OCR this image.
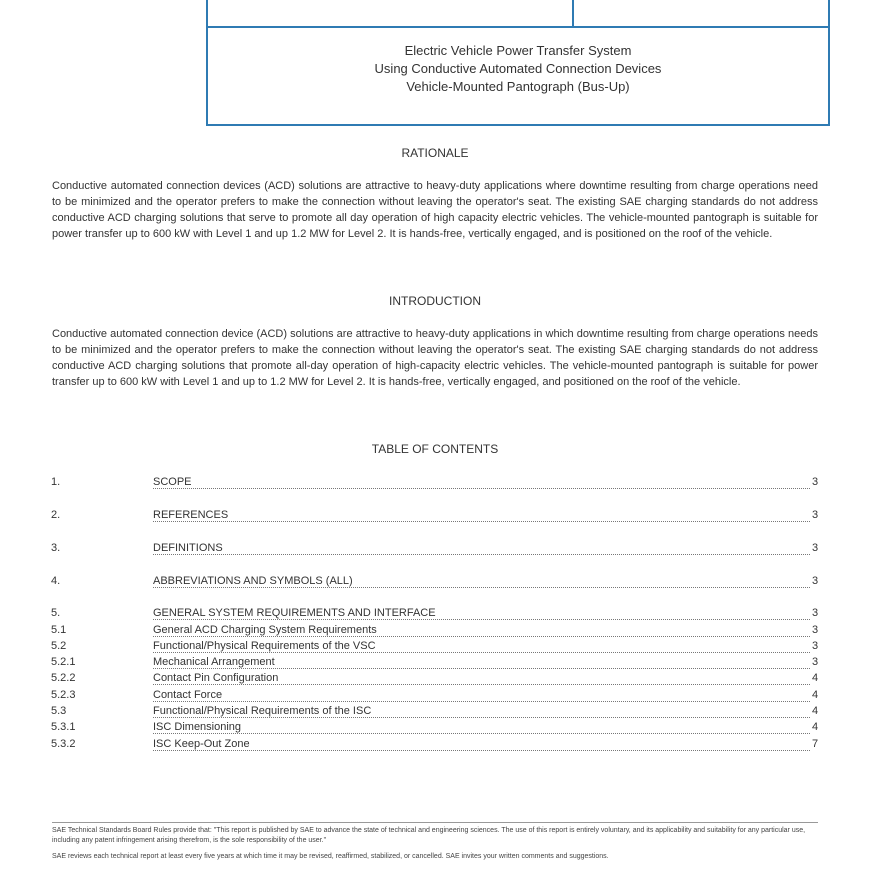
Electric Vehicle Power Transfer System
Using Conductive Automated Connection Devices
Vehicle-Mounted Pantograph (Bus-Up)
RATIONALE
Conductive automated connection devices (ACD) solutions are attractive to heavy-duty applications where downtime resulting from charge operations need to be minimized and the operator prefers to make the connection without leaving the operator's seat. The existing SAE charging standards do not address conductive ACD charging solutions that serve to promote all day operation of high capacity electric vehicles. The vehicle-mounted pantograph is suitable for power transfer up to 600 kW with Level 1 and up 1.2 MW for Level 2. It is hands-free, vertically engaged, and is positioned on the roof of the vehicle.
INTRODUCTION
Conductive automated connection device (ACD) solutions are attractive to heavy-duty applications in which downtime resulting from charge operations needs to be minimized and the operator prefers to make the connection without leaving the operator's seat. The existing SAE charging standards do not address conductive ACD charging solutions that promote all-day operation of high-capacity electric vehicles. The vehicle-mounted pantograph is suitable for power transfer up to 600 kW with Level 1 and up to 1.2 MW for Level 2. It is hands-free, vertically engaged, and positioned on the roof of the vehicle.
TABLE OF CONTENTS
1.	SCOPE	3
2.	REFERENCES	3
3.	DEFINITIONS	3
4.	ABBREVIATIONS AND SYMBOLS (ALL)	3
5.	GENERAL SYSTEM REQUIREMENTS AND INTERFACE	3
5.1	General ACD Charging System Requirements	3
5.2	Functional/Physical Requirements of the VSC	3
5.2.1	Mechanical Arrangement	3
5.2.2	Contact Pin Configuration	4
5.2.3	Contact Force	4
5.3	Functional/Physical Requirements of the ISC	4
5.3.1	ISC Dimensioning	4
5.3.2	ISC Keep-Out Zone	7
SAE Technical Standards Board Rules provide that: "This report is published by SAE to advance the state of technical and engineering sciences. The use of this report is entirely voluntary, and its applicability and suitability for any particular use, including any patent infringement arising therefrom, is the sole responsibility of the user."
SAE reviews each technical report at least every five years at which time it may be revised, reaffirmed, stabilized, or cancelled. SAE invites your written comments and suggestions.
